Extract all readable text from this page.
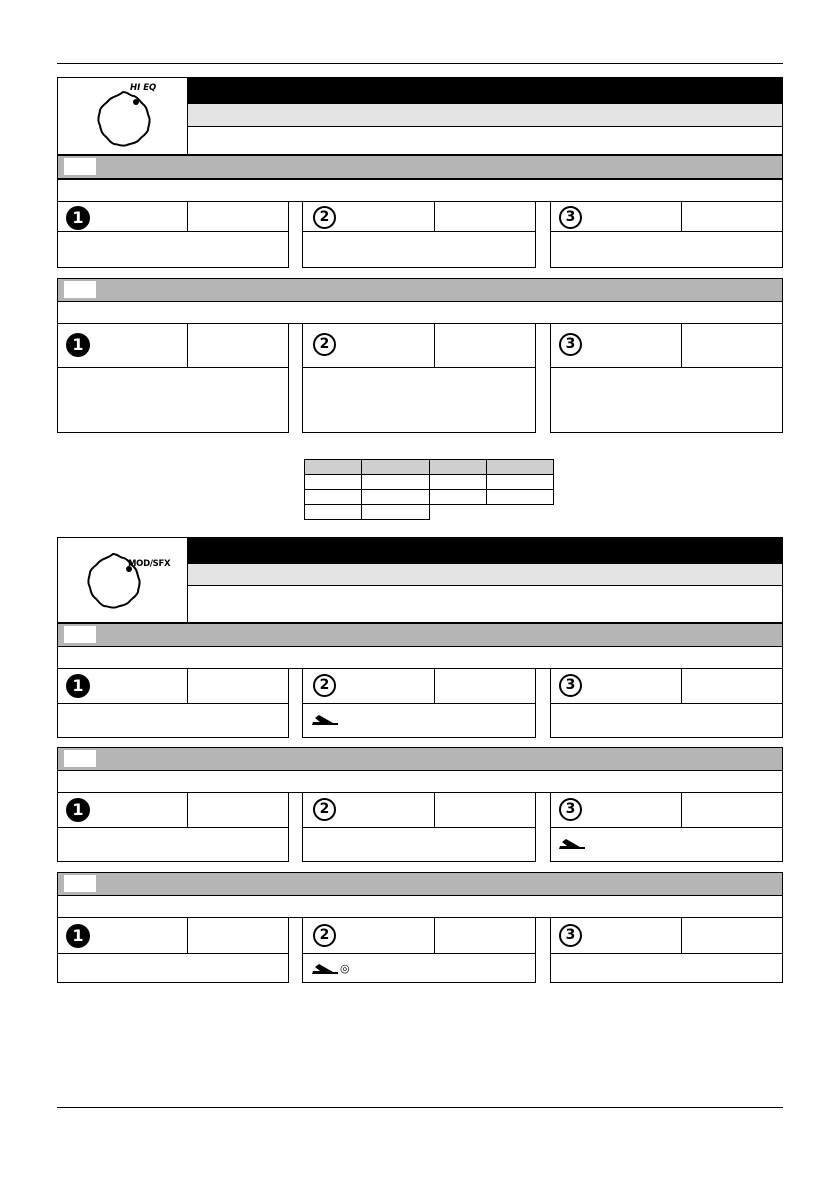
HI EQ
1	2	3
1	2	3

MOD/SFX
1	2	3
1	2	3
1	2
◎
3
